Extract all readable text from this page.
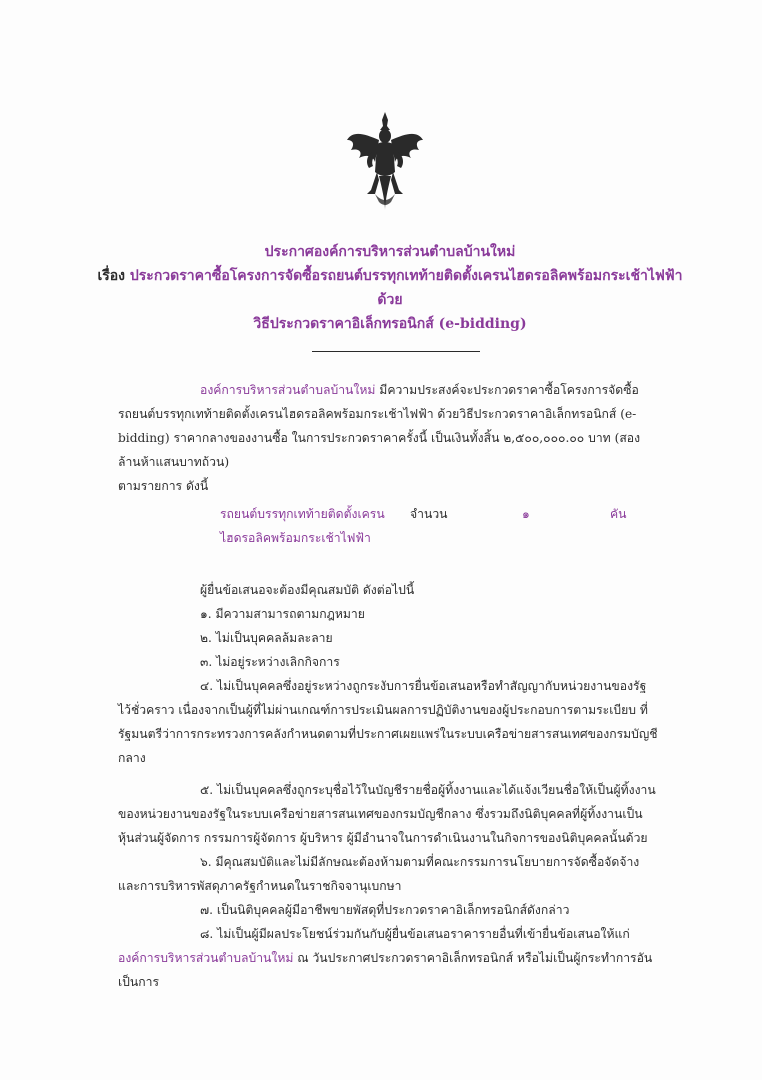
ประกาศองค์การบริหารส่วนตำบลบ้านใหม่
เรื่อง ประกวดราคาซื้อโครงการจัดซื้อรถยนต์บรรทุกเทท้ายติดตั้งเครนไฮดรอลิคพร้อมกระเช้าไฟฟ้า ด้วย
วิธีประกวดราคาอิเล็กทรอนิกส์ (e-bidding)

องค์การบริหารส่วนตำบลบ้านใหม่ มีความประสงค์จะประกวดราคาซื้อโครงการจัดซื้อรถยนต์บรรทุกเทท้ายติดตั้งเครนไฮดรอลิคพร้อมกระเช้าไฟฟ้า ด้วยวิธีประกวดราคาอิเล็กทรอนิกส์ (e-bidding) ราคากลางของงานซื้อ ในการประกวดราคาครั้งนี้ เป็นเงินทั้งสิ้น ๒,๕๐๐,๐๐๐.๐๐ บาท (สองล้านห้าแสนบาทถ้วน)

ตามรายการ ดังนี้

รถยนต์บรรทุกเทท้ายติดตั้งเครน	จำนวน	๑	คัน
ไฮดรอลิคพร้อมกระเช้าไฟฟ้า

ผู้ยื่นข้อเสนอจะต้องมีคุณสมบัติ ดังต่อไปนี้

๑. มีความสามารถตามกฎหมาย

๒. ไม่เป็นบุคคลล้มละลาย

๓. ไม่อยู่ระหว่างเลิกกิจการ

๔. ไม่เป็นบุคคลซึ่งอยู่ระหว่างถูกระงับการยื่นข้อเสนอหรือทำสัญญากับหน่วยงานของรัฐไว้ชั่วคราว เนื่องจากเป็นผู้ที่ไม่ผ่านเกณฑ์การประเมินผลการปฏิบัติงานของผู้ประกอบการตามระเบียบ ที่รัฐมนตรีว่าการกระทรวงการคลังกำหนดตามที่ประกาศเผยแพร่ในระบบเครือข่ายสารสนเทศของกรมบัญชีกลาง

๕. ไม่เป็นบุคคลซึ่งถูกระบุชื่อไว้ในบัญชีรายชื่อผู้ทิ้งงานและได้แจ้งเวียนชื่อให้เป็นผู้ทิ้งงานของหน่วยงานของรัฐในระบบเครือข่ายสารสนเทศของกรมบัญชีกลาง ซึ่งรวมถึงนิติบุคคลที่ผู้ทิ้งงานเป็นหุ้นส่วนผู้จัดการ กรรมการผู้จัดการ ผู้บริหาร ผู้มีอำนาจในการดำเนินงานในกิจการของนิติบุคคลนั้นด้วย

๖. มีคุณสมบัติและไม่มีลักษณะต้องห้ามตามที่คณะกรรมการนโยบายการจัดซื้อจัดจ้างและการบริหารพัสดุภาครัฐกำหนดในราชกิจจานุเบกษา

๗. เป็นนิติบุคคลผู้มีอาชีพขายพัสดุที่ประกวดราคาอิเล็กทรอนิกส์ดังกล่าว

๘. ไม่เป็นผู้มีผลประโยชน์ร่วมกันกับผู้ยื่นข้อเสนอราคารายอื่นที่เข้ายื่นข้อเสนอให้แก่องค์การบริหารส่วนตำบลบ้านใหม่ ณ วันประกาศประกวดราคาอิเล็กทรอนิกส์ หรือไม่เป็นผู้กระทำการอันเป็นการ
